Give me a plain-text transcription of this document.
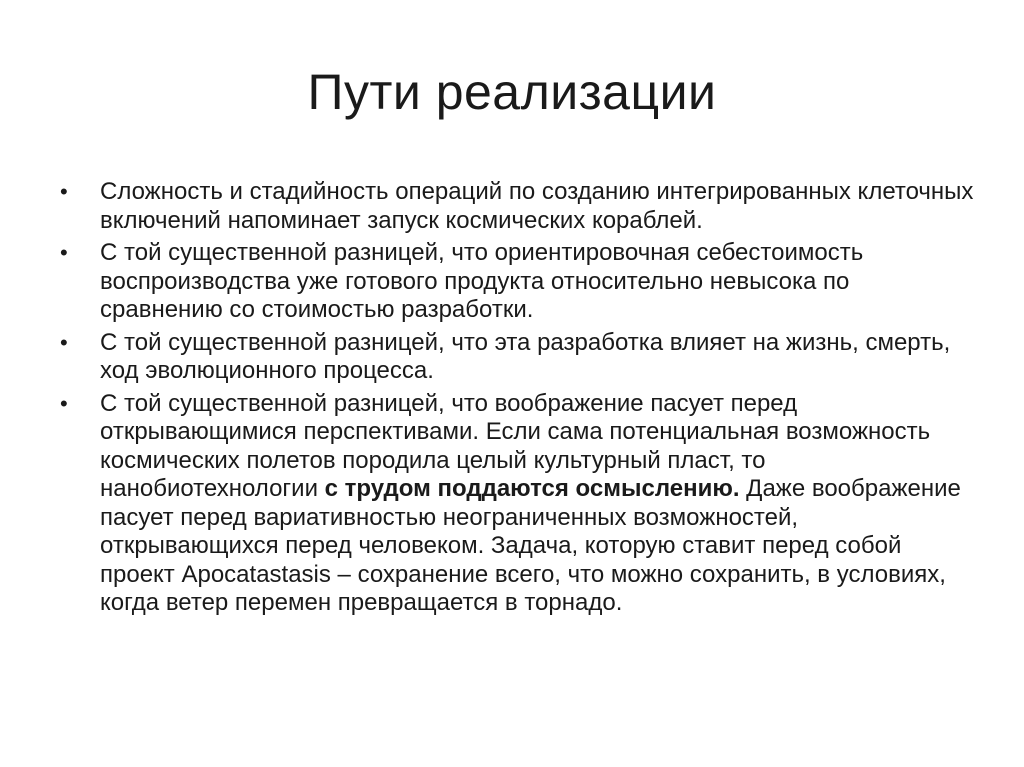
Пути реализации

• Сложность и стадийность операций по созданию интегрированных клеточных включений напоминает запуск космических кораблей.

• С той существенной разницей, что ориентировочная себестоимость воспроизводства уже готового продукта относительно невысока по сравнению со стоимостью разработки.

• С той существенной разницей, что эта разработка влияет на жизнь, смерть, ход эволюционного процесса.

• С той существенной разницей, что воображение пасует перед открывающимися перспективами. Если сама потенциальная возможность космических полетов породила целый культурный пласт, то нанобиотехнологии с трудом поддаются осмыслению. Даже воображение пасует перед вариативностью неограниченных возможностей, открывающихся перед человеком. Задача, которую ставит перед собой проект Apocatastasis – сохранение всего, что можно сохранить, в условиях, когда ветер перемен превращается в торнадо.
